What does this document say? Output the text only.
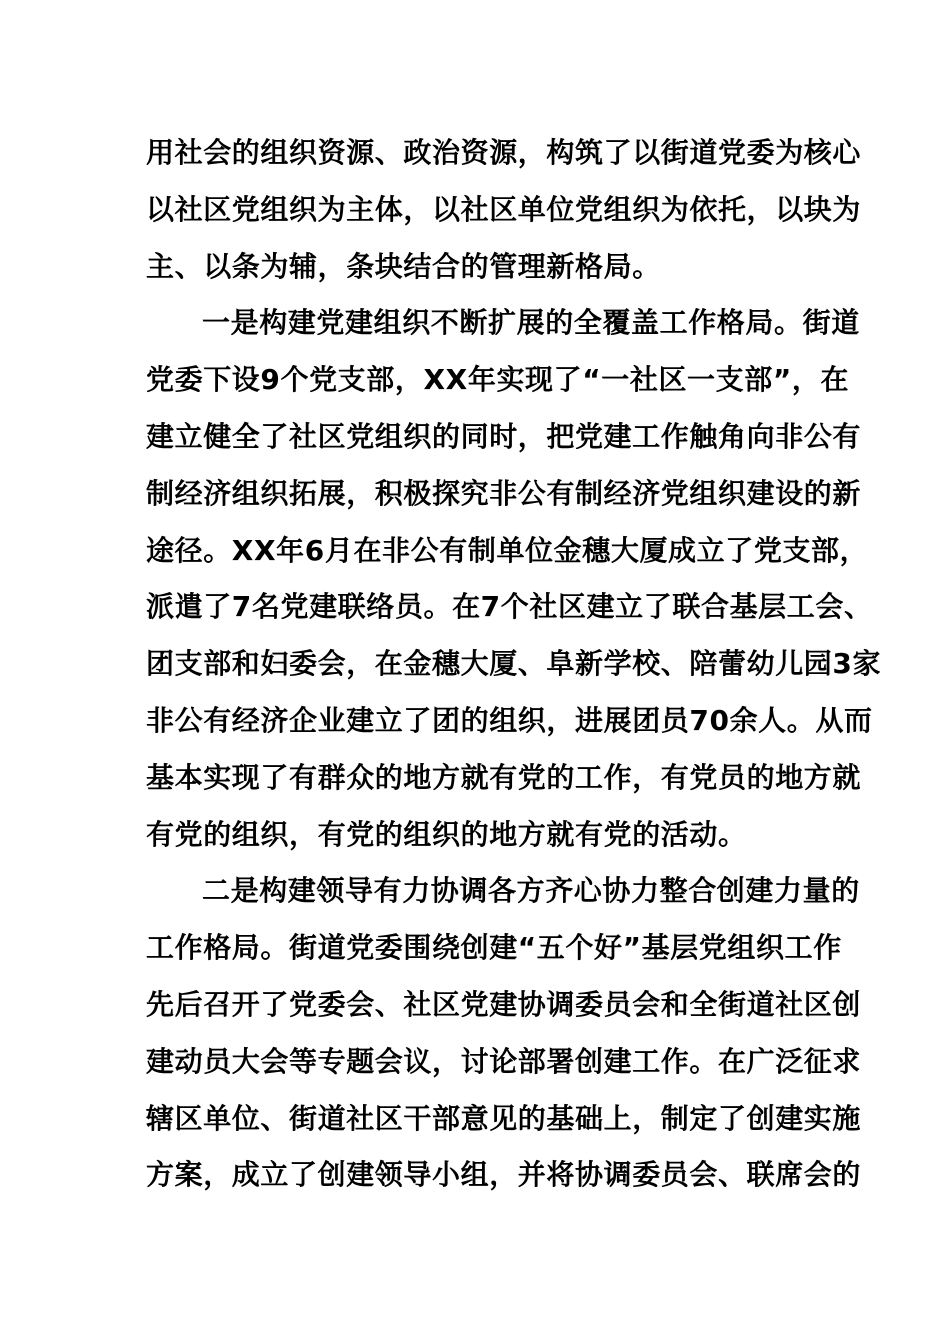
用社会的组织资源、政治资源，构筑了以街道党委为核心
以社区党组织为主体，以社区单位党组织为依托，以块为
主、以条为辅，条块结合的管理新格局。
一是构建党建组织不断扩展的全覆盖工作格局。街道
党委下设9个党支部，XX年实现了“一社区一支部”，在
建立健全了社区党组织的同时，把党建工作触角向非公有
制经济组织拓展，积极探究非公有制经济党组织建设的新
途径。XX年6月在非公有制单位金穗大厦成立了党支部，
派遣了7名党建联络员。在7个社区建立了联合基层工会、
团支部和妇委会，在金穗大厦、阜新学校、陪蕾幼儿园3家
非公有经济企业建立了团的组织，进展团员70余人。从而
基本实现了有群众的地方就有党的工作，有党员的地方就
有党的组织，有党的组织的地方就有党的活动。
二是构建领导有力协调各方齐心协力整合创建力量的
工作格局。街道党委围绕创建“五个好”基层党组织工作
先后召开了党委会、社区党建协调委员会和全街道社区创
建动员大会等专题会议，讨论部署创建工作。在广泛征求
辖区单位、街道社区干部意见的基础上，制定了创建实施
方案，成立了创建领导小组，并将协调委员会、联席会的
